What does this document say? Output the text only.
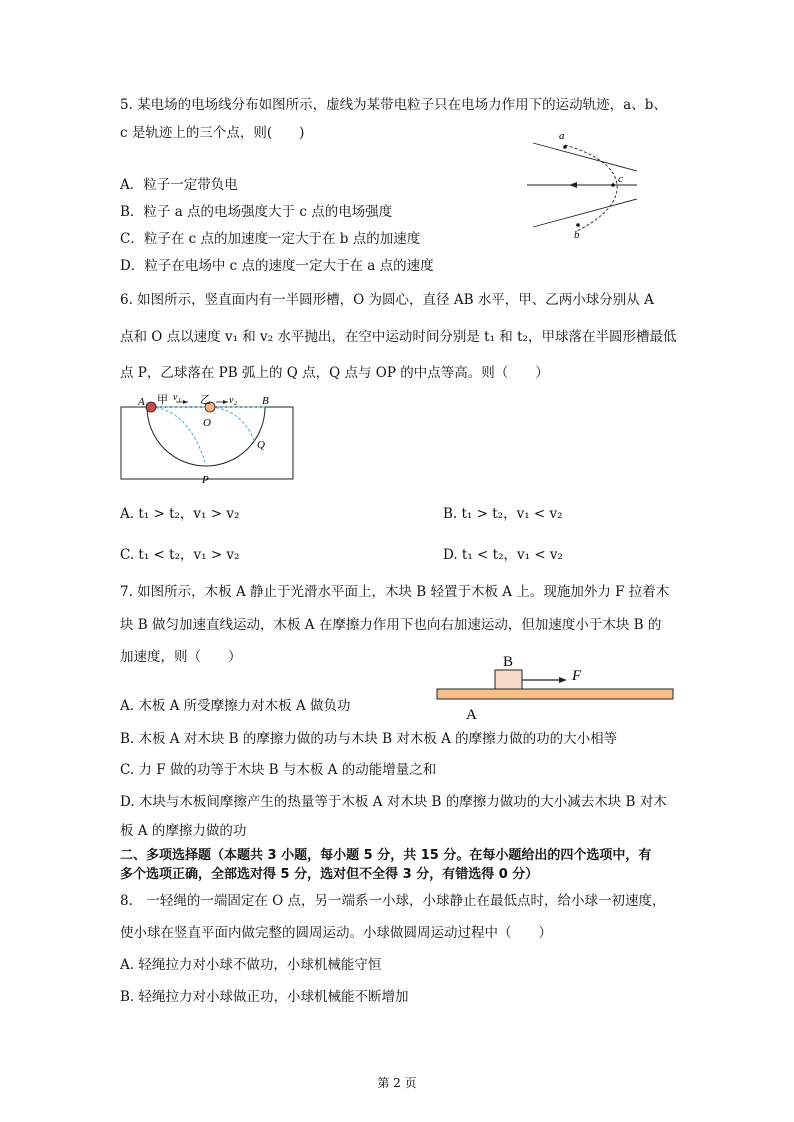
5. 某电场的电场线分布如图所示，虚线为某带电粒子只在电场力作用下的运动轨迹，a、b、
c 是轨迹上的三个点，则(　　)
A．粒子一定带负电
B．粒子 a 点的电场强度大于 c 点的电场强度
C．粒子在 c 点的加速度一定大于在 b 点的加速度
D．粒子在电场中 c 点的速度一定大于在 a 点的速度
a
c
b
6. 如图所示，竖直面内有一半圆形槽，O 为圆心，直径 AB 水平，甲、乙两小球分别从 A
点和 O 点以速度 v₁ 和 v₂ 水平抛出，在空中运动时间分别是 t₁ 和 t₂，甲球落在半圆形槽最低
点 P，乙球落在 PB 弧上的 Q 点，Q 点与 OP 的中点等高。则（　　）
A 甲 v₁ 乙 v₂ B
O
Q
P
A. t₁ > t₂，v₁ > v₂	B. t₁ > t₂，v₁ < v₂
C. t₁ < t₂，v₁ > v₂	D. t₁ < t₂，v₁ < v₂
7. 如图所示，木板 A 静止于光滑水平面上，木块 B 轻置于木板 A 上。现施加外力 F 拉着木
块 B 做匀加速直线运动，木板 A 在摩擦力作用下也向右加速运动，但加速度小于木块 B 的
加速度，则（　　）	B
F
A
A. 木板 A 所受摩擦力对木板 A 做负功
B. 木板 A 对木块 B 的摩擦力做的功与木块 B 对木板 A 的摩擦力做的功的大小相等
C. 力 F 做的功等于木块 B 与木板 A 的动能增量之和
D. 木块与木板间摩擦产生的热量等于木板 A 对木块 B 的摩擦力做功的大小减去木块 B 对木
板 A 的摩擦力做的功
二、多项选择题（本题共 3 小题，每小题 5 分，共 15 分。在每小题给出的四个选项中，有
多个选项正确，全部选对得 5 分，选对但不全得 3 分，有错选得 0 分）
8.　一轻绳的一端固定在 O 点，另一端系一小球，小球静止在最低点时，给小球一初速度，
使小球在竖直平面内做完整的圆周运动。小球做圆周运动过程中（　　）
A. 轻绳拉力对小球不做功，小球机械能守恒
B. 轻绳拉力对小球做正功，小球机械能不断增加
第 2 页
